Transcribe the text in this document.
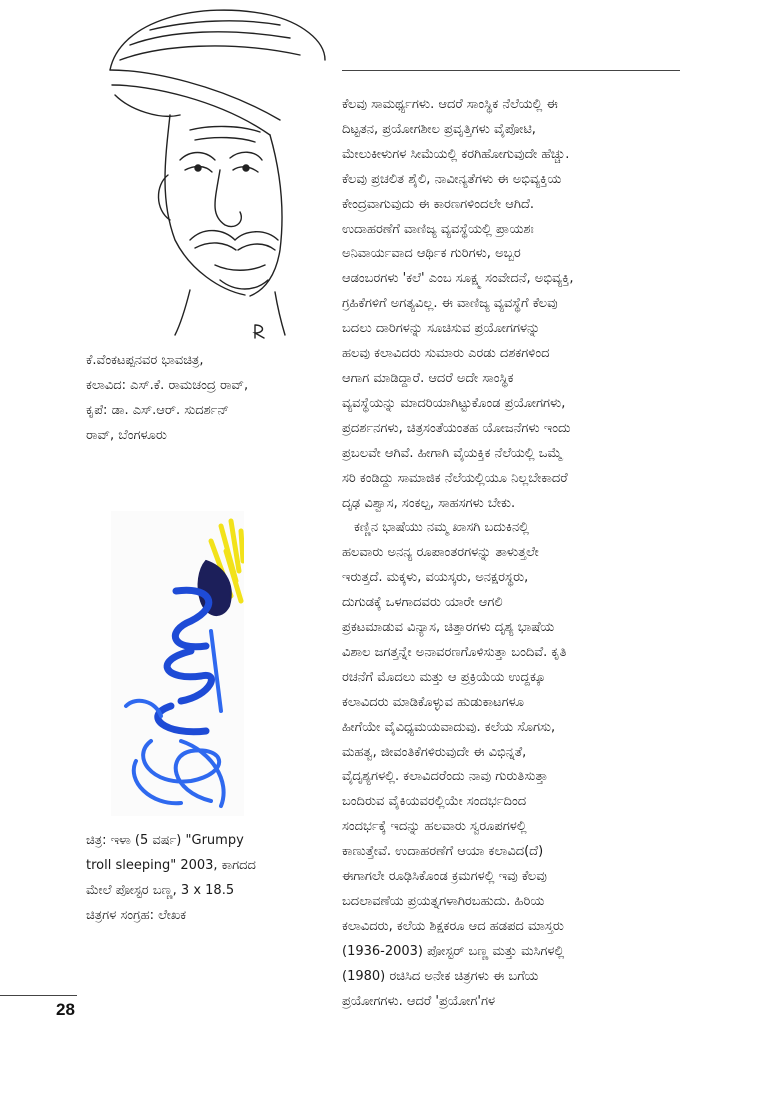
ಕೆ.ವೆಂಕಟಪ್ಪನವರ ಭಾವಚಿತ್ರ,
ಕಲಾವಿದ: ಎಸ್.ಕೆ. ರಾಮಚಂದ್ರ ರಾವ್,
ಕೃಪೆ: ಡಾ. ಎಸ್.ಆರ್. ಸುದರ್ಶನ್
ರಾವ್, ಬೆಂಗಳೂರು
ಚಿತ್ರ: ಇಳಾ (5 ವರ್ಷ) "Grumpy
troll sleeping" 2003, ಕಾಗದದ
ಮೇಲೆ ಪೋಸ್ಟರ ಬಣ್ಣ, 3 x 18.5
ಚಿತ್ರಗಳ ಸಂಗ್ರಹ: ಲೇಖಕ
ಕೆಲವು ಸಾಮರ್ಥ್ಯಗಳು. ಆದರೆ ಸಾಂಸ್ಥಿಕ ನೆಲೆಯಲ್ಲಿ ಈ
ದಿಟ್ಟತನ, ಪ್ರಯೋಗಶೀಲ ಪ್ರವೃತ್ತಿಗಳು ವೈಪೋಟಿ,
ಮೇಲುಕೀಳುಗಳ ಸೀಮೆಯಲ್ಲಿ ಕರಗಿಹೋಗುವುದೇ ಹೆಚ್ಚು.
ಕೆಲವು ಪ್ರಚಲಿತ ಶೈಲಿ, ನಾವೀನ್ಯತೆಗಳು ಈ ಅಭಿವ್ಯಕ್ತಿಯ
ಕೇಂದ್ರವಾಗುವುದು ಈ ಕಾರಣಗಳಿಂದಲೇ ಆಗಿದೆ.
ಉದಾಹರಣೆಗೆ ವಾಣಿಜ್ಯ ವ್ಯವಸ್ಥೆಯಲ್ಲಿ ಪ್ರಾಯಶಃ
ಅನಿವಾರ್ಯವಾದ ಆರ್ಥಿಕ ಗುರಿಗಳು, ಅಬ್ಬರ
ಆಡಂಬರಗಳು 'ಕಲೆ' ಎಂಬ ಸೂಕ್ಷ್ಮ ಸಂವೇದನೆ, ಅಭಿವ್ಯಕ್ತಿ,
ಗ್ರಹಿಕೆಗಳಿಗೆ ಅಗತ್ಯವಿಲ್ಲ. ಈ ವಾಣಿಜ್ಯ ವ್ಯವಸ್ಥೆಗೆ ಕೆಲವು
ಬದಲು ದಾರಿಗಳನ್ನು ಸೂಚಿಸುವ ಪ್ರಯೋಗಗಳನ್ನು
ಹಲವು ಕಲಾವಿದರು ಸುಮಾರು ಎರಡು ದಶಕಗಳಿಂದ
ಆಗಾಗ ಮಾಡಿದ್ದಾರೆ. ಆದರೆ ಅದೇ ಸಾಂಸ್ಥಿಕ
ವ್ಯವಸ್ಥೆಯನ್ನು ಮಾದರಿಯಾಗಿಟ್ಟುಕೊಂಡ ಪ್ರಯೋಗಗಳು,
ಪ್ರದರ್ಶನಗಳು, ಚಿತ್ರಸಂತೆಯಂತಹ ಯೋಜನೆಗಳು ಇಂದು
ಪ್ರಬಲವೇ ಆಗಿವೆ. ಹೀಗಾಗಿ ವೈಯಕ್ತಿಕ ನೆಲೆಯಲ್ಲಿ ಒಮ್ಮೆ
ಸರಿ ಕಂಡಿದ್ದು ಸಾಮಾಜಿಕ ನೆಲೆಯಲ್ಲಿಯೂ ನಿಲ್ಲಬೇಕಾದರೆ
ದೃಢ ವಿಶ್ವಾಸ, ಸಂಕಲ್ಪ, ಸಾಹಸಗಳು ಬೇಕು.
ಕಣ್ಣಿನ ಭಾಷೆಯು ನಮ್ಮ ಖಾಸಗಿ ಬದುಕಿನಲ್ಲಿ
ಹಲವಾರು ಅನನ್ಯ ರೂಪಾಂತರಗಳನ್ನು ತಾಳುತ್ತಲೇ
ಇರುತ್ತದೆ. ಮಕ್ಕಳು, ವಯಸ್ಕರು, ಅನಕ್ಷರಸ್ಥರು,
ದುಗುಡಕ್ಕೆ ಒಳಗಾದವರು ಯಾರೇ ಆಗಲಿ
ಪ್ರಕಟಮಾಡುವ ವಿನ್ಯಾಸ, ಚಿತ್ತಾರಗಳು ದೃಶ್ಯ ಭಾಷೆಯ
ವಿಶಾಲ ಜಗತ್ತನ್ನೇ ಅನಾವರಣಗೊಳಿಸುತ್ತಾ ಬಂದಿವೆ. ಕೃತಿ
ರಚನೆಗೆ ಮೊದಲು ಮತ್ತು ಆ ಪ್ರಕ್ರಿಯೆಯ ಉದ್ದಕ್ಕೂ
ಕಲಾವಿದರು ಮಾಡಿಕೊಳ್ಳುವ ಹುಡುಕಾಟಗಳೂ
ಹೀಗೆಯೇ ವೈವಿಧ್ಯಮಯವಾದುವು. ಕಲೆಯ ಸೊಗಸು,
ಮಹತ್ವ, ಜೀವಂತಿಕೆಗಳಿರುವುದೇ ಈ ವಿಭಿನ್ನತೆ,
ವೈದೃಶ್ಯಗಳಲ್ಲಿ. ಕಲಾವಿದರೆಂದು ನಾವು ಗುರುತಿಸುತ್ತಾ
ಬಂದಿರುವ ವೈಕಿಯವರಲ್ಲಿಯೇ ಸಂದರ್ಭದಿಂದ
ಸಂದರ್ಭಕ್ಕೆ ಇದನ್ನು ಹಲವಾರು ಸ್ವರೂಪಗಳಲ್ಲಿ
ಕಾಣುತ್ತೇವೆ. ಉದಾಹರಣೆಗೆ ಆಯಾ ಕಲಾವಿದ(ದೆ)
ಈಗಾಗಲೇ ರೂಢಿಸಿಕೊಂಡ ಕ್ರಮಗಳಲ್ಲಿ ಇವು ಕೆಲವು
ಬದಲಾವಣೆಯ ಪ್ರಯತ್ನಗಳಾಗಿರಬಹುದು. ಹಿರಿಯ
ಕಲಾವಿದರು, ಕಲೆಯ ಶಿಕ್ಷಕರೂ ಆದ ಹಡಪದ ಮಾಸ್ತರು
(1936-2003) ಪೋಸ್ಟರ್ ಬಣ್ಣ ಮತ್ತು ಮಸಿಗಳಲ್ಲಿ
(1980) ರಚಿಸಿದ ಅನೇಕ ಚಿತ್ರಗಳು ಈ ಬಗೆಯ
ಪ್ರಯೋಗಗಳು. ಆದರೆ 'ಪ್ರಯೋಗ'ಗಳ
28
